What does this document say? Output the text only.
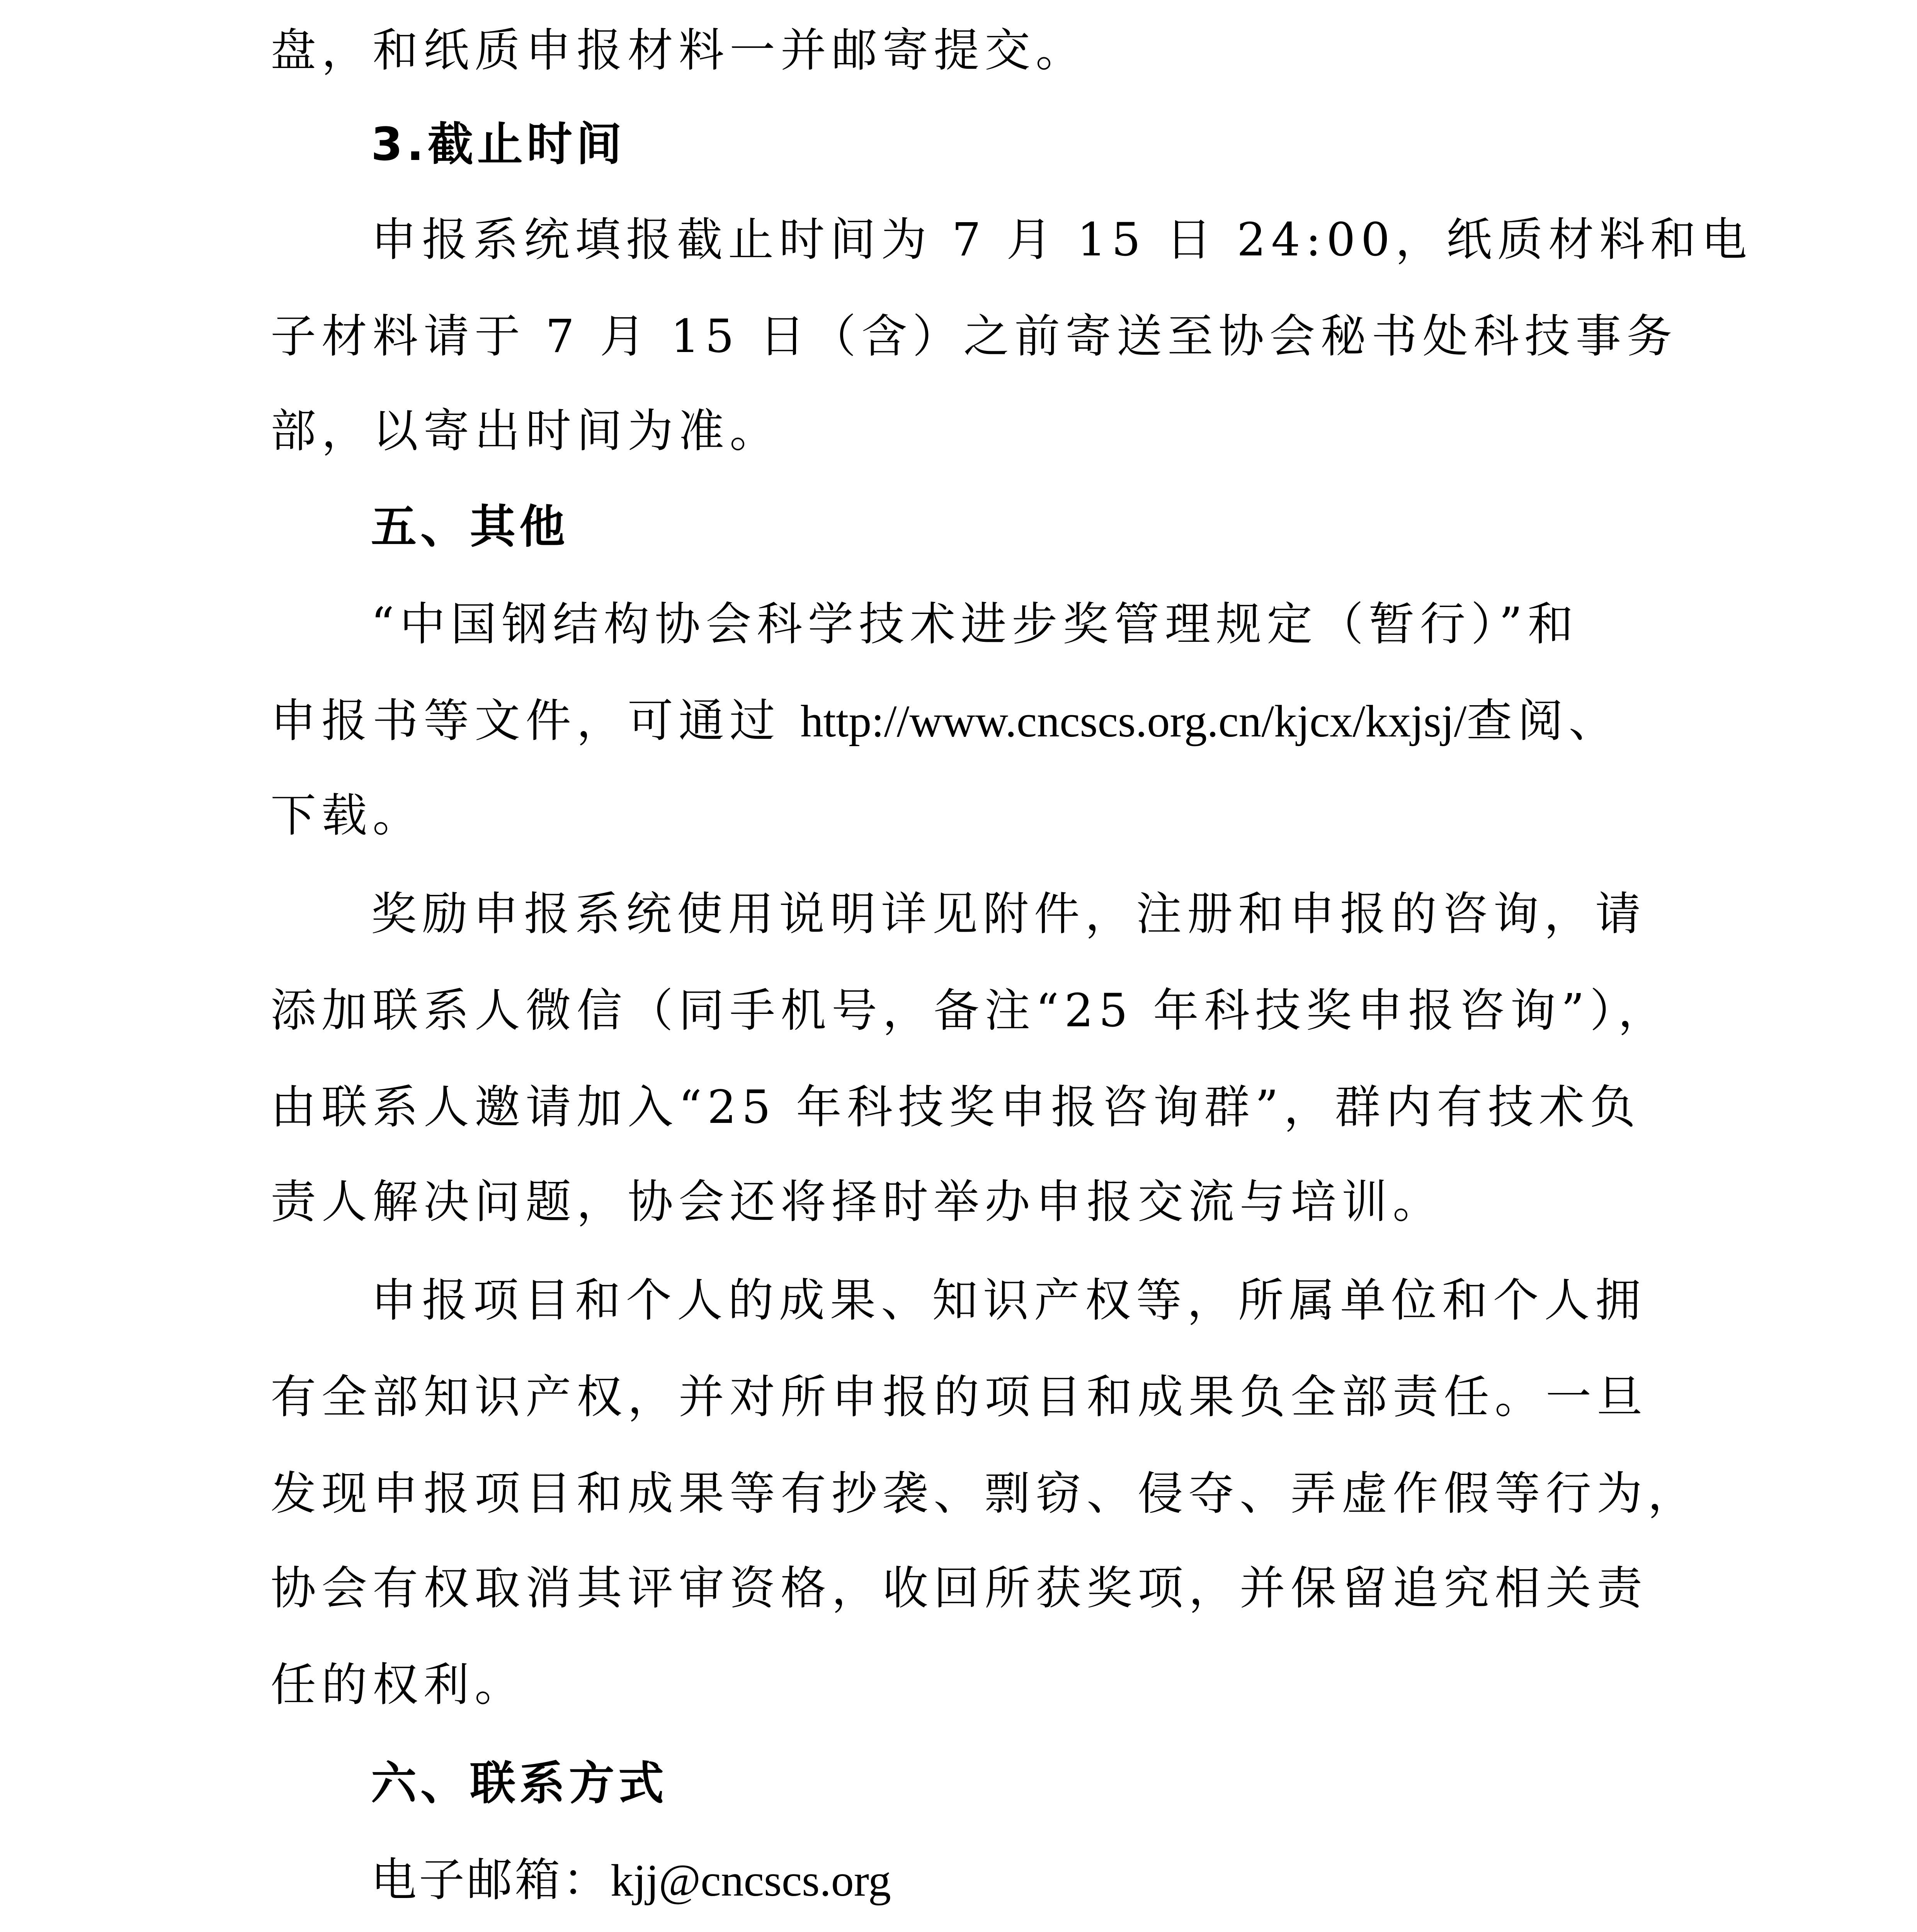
盘，和纸质申报材料一并邮寄提交。
3.截止时间
申报系统填报截止时间为 7 月 15 日 24:00，纸质材料和电
子材料请于 7 月 15 日（含）之前寄送至协会秘书处科技事务
部，以寄出时间为准。
五、其他
“中国钢结构协会科学技术进步奖管理规定（暂行）”和
申报书等文件，可通过 http://www.cncscs.org.cn/kjcx/kxjsj/查阅、
下载。
奖励申报系统使用说明详见附件，注册和申报的咨询，请
添加联系人微信（同手机号，备注“25 年科技奖申报咨询”），
由联系人邀请加入“25 年科技奖申报咨询群”，群内有技术负
责人解决问题，协会还将择时举办申报交流与培训。
申报项目和个人的成果、知识产权等，所属单位和个人拥
有全部知识产权，并对所申报的项目和成果负全部责任。一旦
发现申报项目和成果等有抄袭、剽窃、侵夺、弄虚作假等行为，
协会有权取消其评审资格，收回所获奖项，并保留追究相关责
任的权利。
六、联系方式
电子邮箱：kjj@cncscs.org
